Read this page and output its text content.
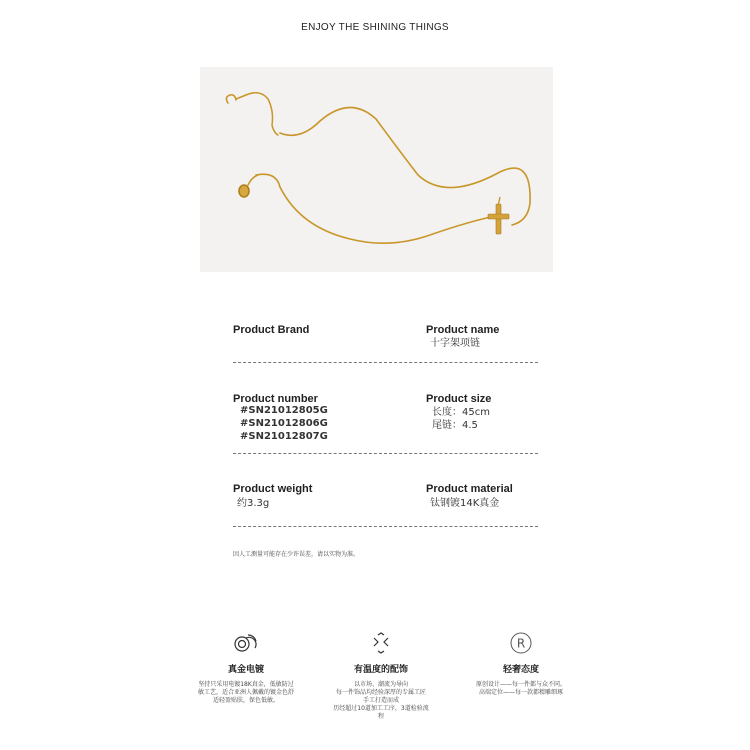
ENJOY THE SHINING THINGS
Product Brand	Product name
十字架项链
Product number
#SN21012805G
#SN21012806G
#SN21012807G
Product size
长度：45cm
尾链：4.5
Product weight
约3.3g
Product material
钛钢镀14K真金
因人工测量可能存在少许误差，请以实物为准。
真金电镀
坚持只采用电镀18K真金，低敏防过
敏工艺，适合亚洲人佩戴的镀金色舒
适轻盈贴肤，保色低敏。
有温度的配饰
以市场、潮流为导向
每一件饰品均经验深厚的专属工匠
手工打造而成
历经超过10道加工工序，3道检验流
程
R
轻奢态度
原创设计——每一件都与众不同。
高端定位——每一款都精雕细琢
